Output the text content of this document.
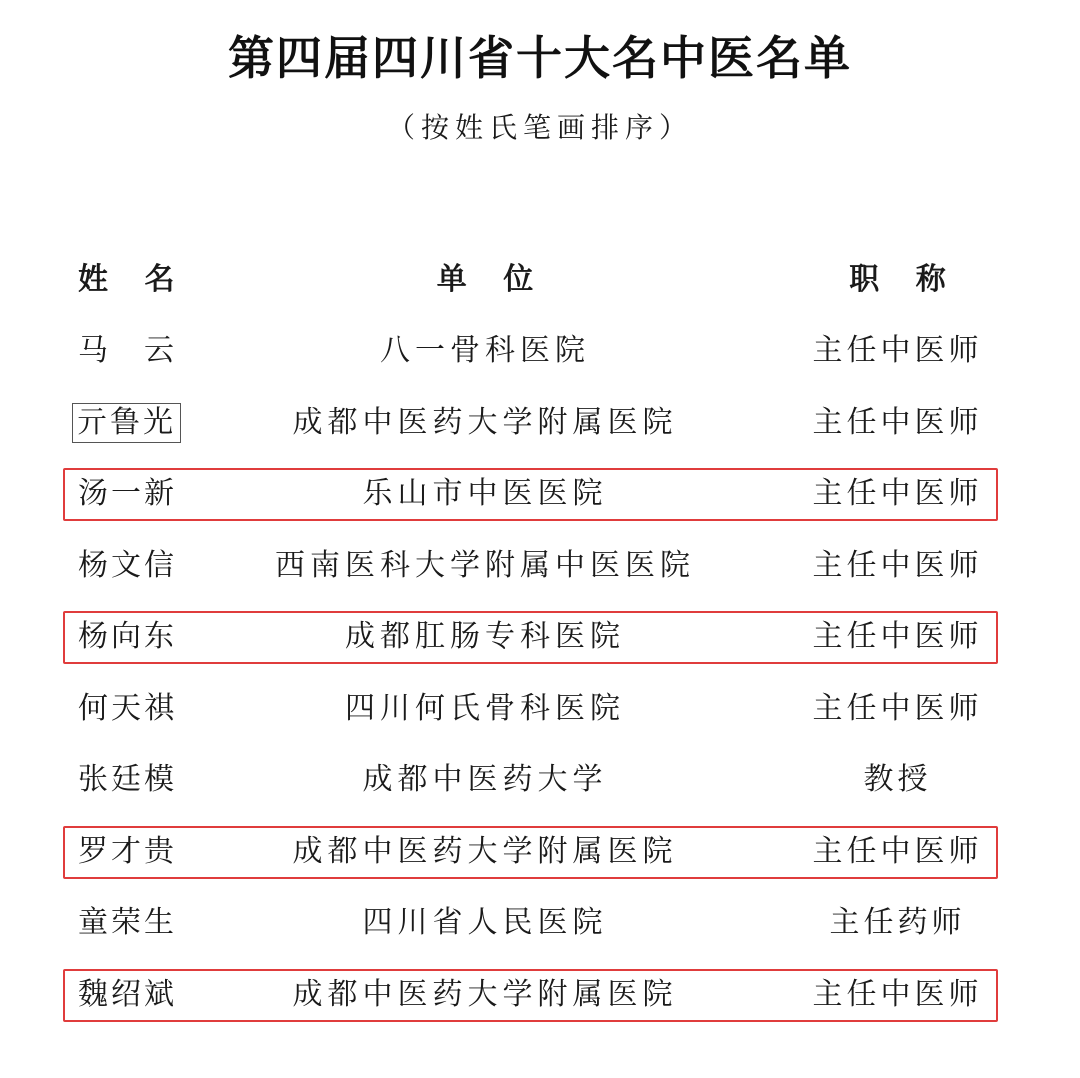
第四届四川省十大名中医名单
（按姓氏笔画排序）
姓 名	单 位	职 称
马　云	八一骨科医院	主任中医师
亓鲁光	成都中医药大学附属医院	主任中医师
汤一新	乐山市中医医院	主任中医师
杨文信	西南医科大学附属中医医院	主任中医师
杨向东	成都肛肠专科医院	主任中医师
何天祺	四川何氏骨科医院	主任中医师
张廷模	成都中医药大学	教授
罗才贵	成都中医药大学附属医院	主任中医师
童荣生	四川省人民医院	主任药师
魏绍斌	成都中医药大学附属医院	主任中医师
